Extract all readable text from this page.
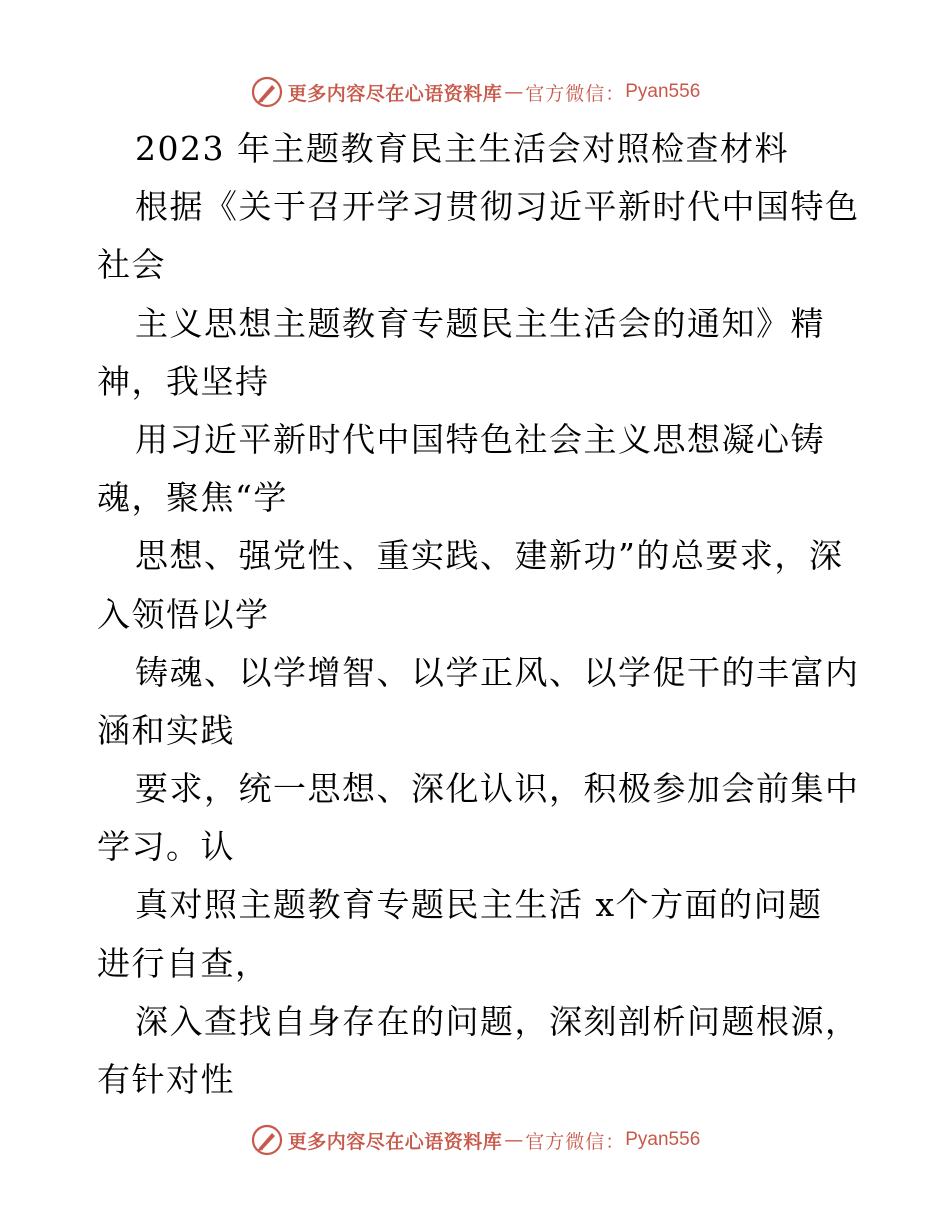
更多内容尽在心语资料库 — 官方微信： Pyan556
2023 年主题教育民主生活会对照检查材料
根据《关于召开学习贯彻习近平新时代中国特色
社会
主义思想主题教育专题民主生活会的通知》精
神，我坚持
用习近平新时代中国特色社会主义思想凝心铸
魂，聚焦“学
思想、强党性、重实践、建新功”的总要求，深
入领悟以学
铸魂、以学增智、以学正风、以学促干的丰富内
涵和实践
要求，统一思想、深化认识，积极参加会前集中
学习。认
真对照主题教育专题民主生活 x个方面的问题
进行自查，
深入查找自身存在的问题，深刻剖析问题根源，
有针对性
更多内容尽在心语资料库 — 官方微信： Pyan556
